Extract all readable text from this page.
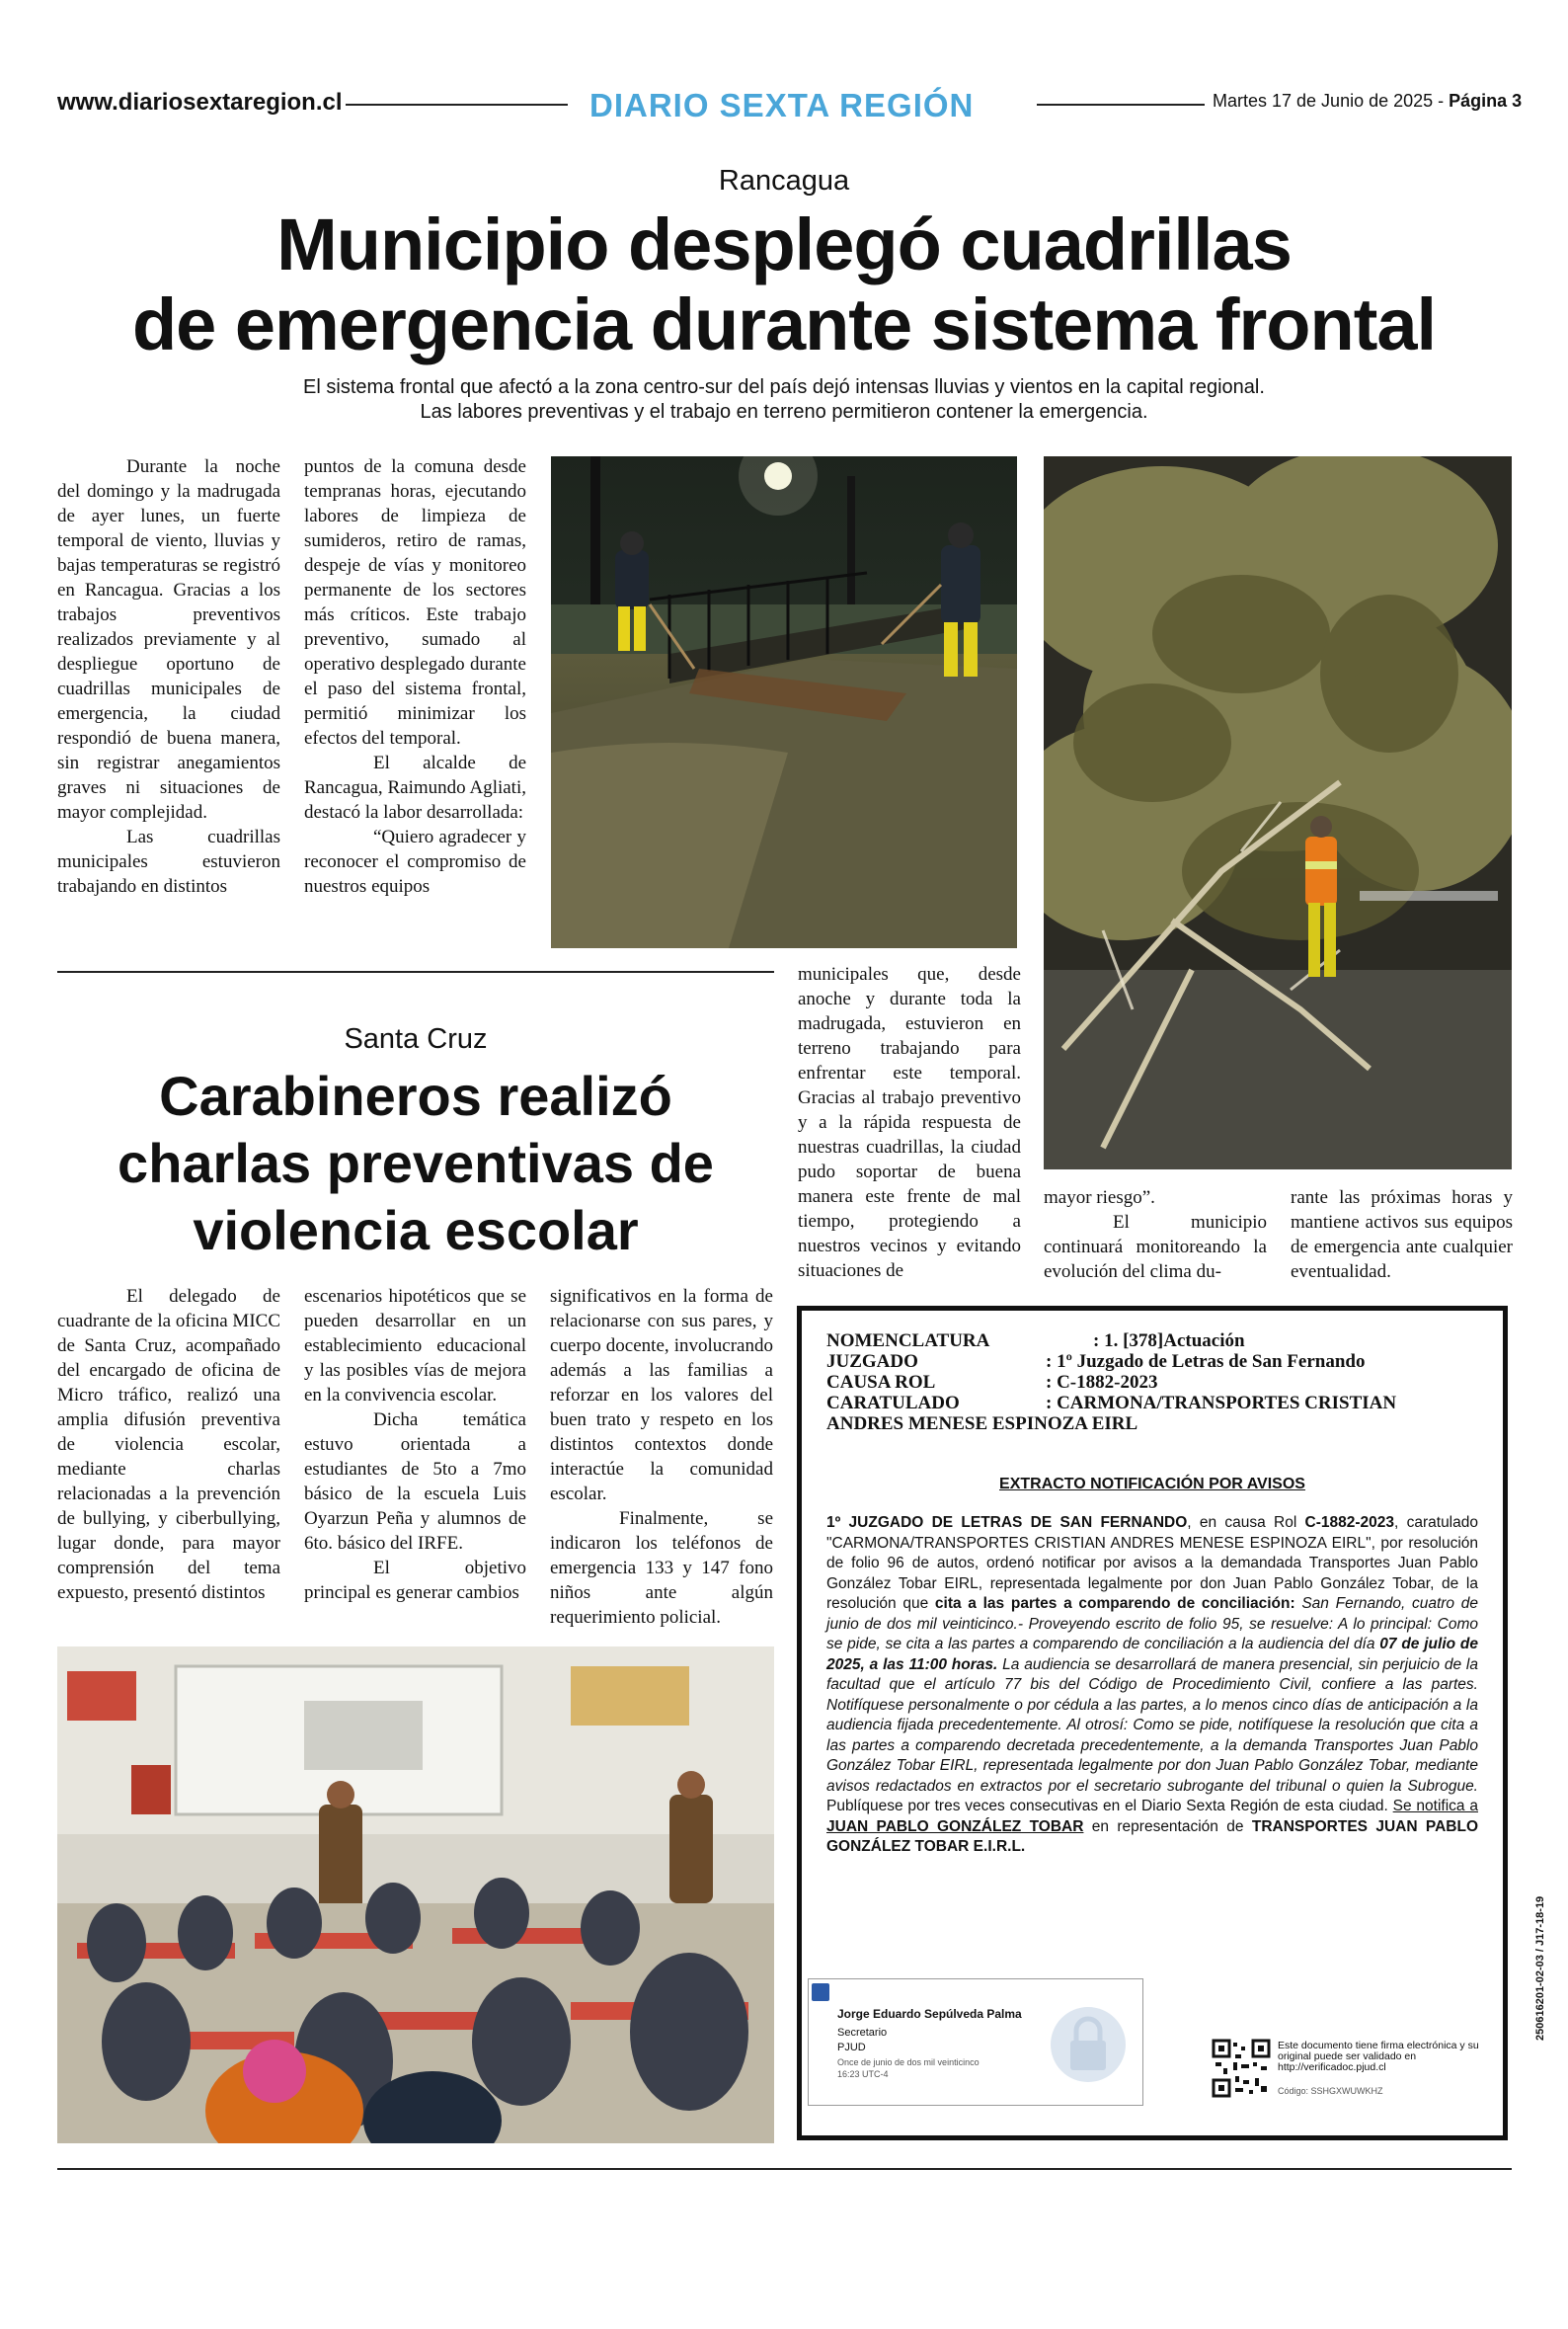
www.diariosextaregion.cl	DIARIO SEXTA REGIÓN	Martes 17 de Junio de 2025 - Página 3
Rancagua
Municipio desplegó cuadrillas
de emergencia durante sistema frontal
El sistema frontal que afectó a la zona centro-sur del país dejó intensas lluvias y vientos en la capital regional.
Las labores preventivas y el trabajo en terreno permitieron contener la emergencia.

Durante la noche del domingo y la madrugada de ayer lunes, un fuerte temporal de viento, lluvias y bajas temperaturas se registró en Rancagua. Gracias a los trabajos preventivos realizados previamente y al despliegue oportuno de cuadrillas municipales de emergencia, la ciudad respondió de buena manera, sin registrar anegamientos graves ni situaciones de mayor complejidad.

Las cuadrillas municipales estuvieron trabajando en distintos

puntos de la comuna desde tempranas horas, ejecutando labores de limpieza de sumideros, retiro de ramas, despeje de vías y monitoreo permanente de los sectores más críticos. Este trabajo preventivo, sumado al operativo desplegado durante el paso del sistema frontal, permitió minimizar los efectos del temporal.

El alcalde de Rancagua, Raimundo Agliati, destacó la labor desarrollada:

“Quiero agradecer y reconocer el compromiso de nuestros equipos

municipales que, desde anoche y durante toda la madrugada, estuvieron en terreno trabajando para enfrentar este temporal. Gracias al trabajo preventivo y a la rápida respuesta de nuestras cuadrillas, la ciudad pudo soportar de buena manera este frente de mal tiempo, protegiendo a nuestros vecinos y evitando situaciones de

mayor riesgo”.

El municipio continuará monitoreando la evolución del clima du-

rante las próximas horas y mantiene activos sus equipos de emergencia ante cualquier eventualidad.

Santa Cruz
Carabineros realizó
charlas preventivas de
violencia escolar

El delegado de cuadrante de la oficina MICC de Santa Cruz, acompañado del encargado de oficina de Micro tráfico, realizó una amplia difusión preventiva de violencia escolar, mediante charlas relacionadas a la prevención de bullying, y ciberbullying, lugar donde, para mayor comprensión del tema expuesto, presentó distintos

escenarios hipotéticos que se pueden desarrollar en un establecimiento educacional y las posibles vías de mejora en la convivencia escolar.

Dicha temática estuvo orientada a estudiantes de 5to a 7mo básico de la escuela Luis Oyarzun Peña y alumnos de 6to. básico del IRFE.

El objetivo principal es generar cambios

significativos en la forma de relacionarse con sus pares, y cuerpo docente, involucrando además a las familias a reforzar en los valores del buen trato y respeto en los distintos contextos donde interactúe la comunidad escolar.

Finalmente, se indicaron los teléfonos de emergencia 133 y 147 fono niños ante algún requerimiento policial.

NOMENCLATURA	: 1. [378]Actuación
JUZGADO	: 1º Juzgado de Letras de San Fernando
CAUSA ROL	: C-1882-2023
CARATULADO	: CARMONA/TRANSPORTES CRISTIAN
ANDRES MENESE ESPINOZA EIRL
EXTRACTO NOTIFICACIÓN POR AVISOS
1º JUZGADO DE LETRAS DE SAN FERNANDO, en causa Rol C-1882-2023, caratulado "CARMONA/TRANSPORTES CRISTIAN ANDRES MENESE ESPINOZA EIRL", por resolución de folio 96 de autos, ordenó notificar por avisos a la demandada Transportes Juan Pablo González Tobar EIRL, representada legalmente por don Juan Pablo González Tobar, de la resolución que cita a las partes a comparendo de conciliación: San Fernando, cuatro de junio de dos mil veinticinco.- Proveyendo escrito de folio 95, se resuelve: A lo principal: Como se pide, se cita a las partes a comparendo de conciliación a la audiencia del día 07 de julio de 2025, a las 11:00 horas. La audiencia se desarrollará de manera presencial, sin perjuicio de la facultad que el artículo 77 bis del Código de Procedimiento Civil, confiere a las partes. Notifíquese personalmente o por cédula a las partes, a lo menos cinco días de anticipación a la audiencia fijada precedentemente. Al otrosí: Como se pide, notifíquese la resolución que cita a las partes a comparendo decretada precedentemente, a la demanda Transportes Juan Pablo González Tobar EIRL, representada legalmente por don Juan Pablo González Tobar, mediante avisos redactados en extractos por el secretario subrogante del tribunal o quien la Subrogue. Publíquese por tres veces consecutivas en el Diario Sexta Región de esta ciudad. Se notifica a JUAN PABLO GONZÁLEZ TOBAR en representación de TRANSPORTES JUAN PABLO GONZÁLEZ TOBAR E.I.R.L.
250616201-02-03 / J17-18-19
Jorge Eduardo Sepúlveda Palma
Secretario
PJUD
Once de junio de dos mil veinticinco
16:23 UTC-4
Este documento tiene firma electrónica y su original puede ser validado en http://verificadoc.pjud.cl
Código: SSHGXWUWKHZ
